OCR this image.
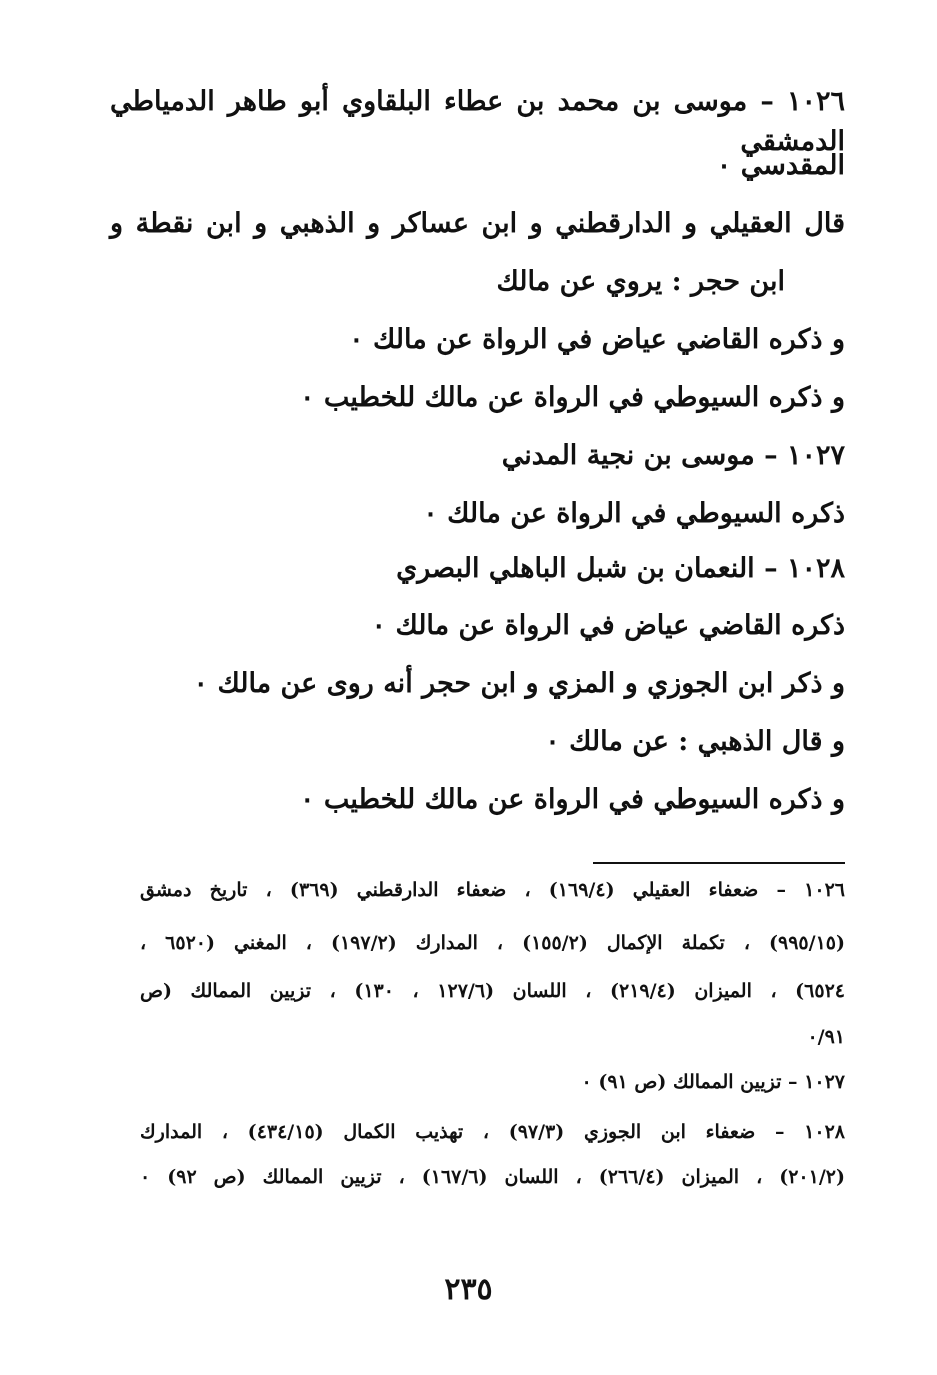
١٠٢٦ – موسى بن محمد بن عطاء البلقاوي أبو طاهر الدمياطي الدمشقي
المقدسي ٠
قال العقيلي و الدارقطني و ابن عساكر و الذهبي و ابن نقطة و
ابن حجر : يروي عن مالك
و ذكره القاضي عياض في الرواة عن مالك ٠
و ذكره السيوطي في الرواة عن مالك للخطيب ٠
١٠٢٧ – موسى بن نجية المدني
ذكره السيوطي في الرواة عن مالك ٠
١٠٢٨ – النعمان بن شبل الباهلي البصري
ذكره القاضي عياض في الرواة عن مالك ٠
و ذكر ابن الجوزي و المزي و ابن حجر أنه روى عن مالك ٠
و قال الذهبي : عن مالك ٠
و ذكره السيوطي في الرواة عن مالك للخطيب ٠
١٠٢٦ – ضعفاء العقيلي (١٦٩/٤) ، ضعفاء الدارقطني (٣٦٩) ، تاريخ دمشق
(٩٩٥/١٥) ، تكملة الإكمال (١٥٥/٢) ، المدارك (١٩٧/٢) ، المغني (٦٥٢٠ ،
٦٥٢٤) ، الميزان (٢١٩/٤) ، اللسان (١٢٧/٦ ، ١٣٠) ، تزيين الممالك (ص
٠/٩١
١٠٢٧ – تزيين الممالك (ص ٩١) ٠
١٠٢٨ – ضعفاء ابن الجوزي (٩٧/٣) ، تهذيب الكمال (٤٣٤/١٥) ، المدارك
(٢٠١/٢) ، الميزان (٢٦٦/٤) ، اللسان (١٦٧/٦) ، تزيين الممالك (ص ٩٢) ٠
٢٣٥
